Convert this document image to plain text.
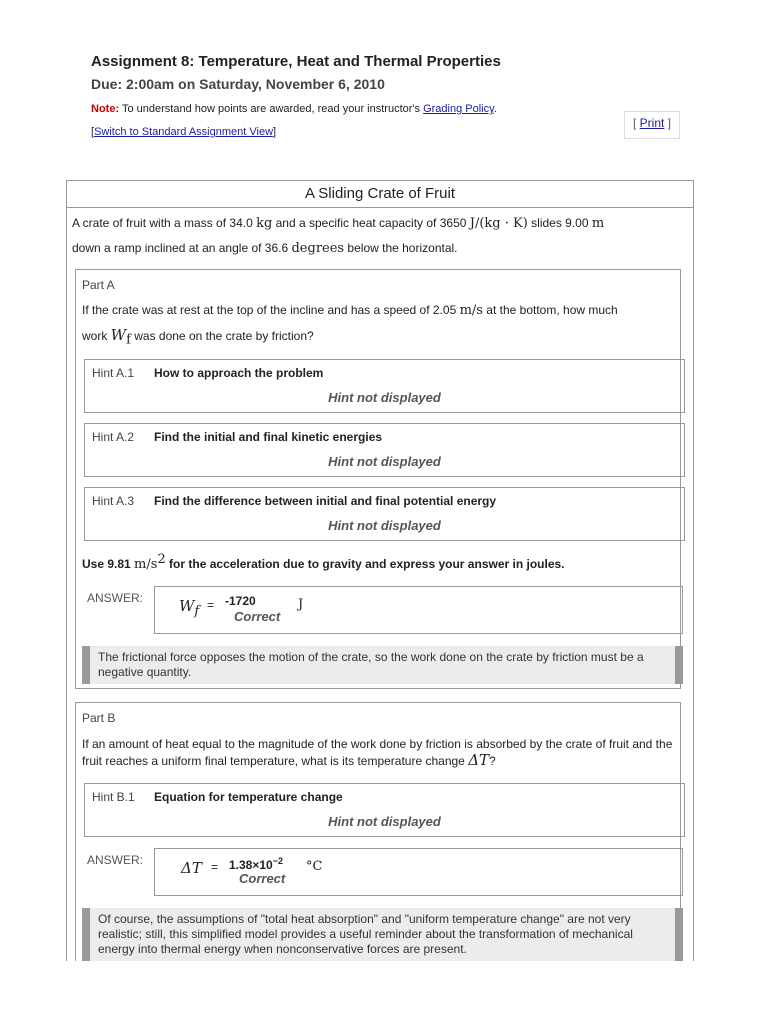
Assignment 8: Temperature, Heat and Thermal Properties
Due: 2:00am on Saturday, November 6, 2010
Note: To understand how points are awarded, read your instructor's Grading Policy.
[Switch to Standard Assignment View]
[ Print ]
A Sliding Crate of Fruit
A crate of fruit with a mass of 34.0 kg and a specific heat capacity of 3650 J/(kg · K) slides 9.00 m
down a ramp inclined at an angle of 36.6 degrees below the horizontal.
Part A
If the crate was at rest at the top of the incline and has a speed of 2.05 m/s at the bottom, how much
work $W_f$ was done on the crate by friction?
Hint A.1 How to approach the problem
Hint not displayed
Hint A.2 Find the initial and final kinetic energies
Hint not displayed
Hint A.3 Find the difference between initial and final potential energy
Hint not displayed
Use 9.81 $m/s^2$ for the acceleration due to gravity and express your answer in joules.
ANSWER: $W_f = -1720$
Correct
J
The frictional force opposes the motion of the crate, so the work done on the crate by friction must be a negative quantity.
Part B
If an amount of heat equal to the magnitude of the work done by friction is absorbed by the crate of fruit and the fruit reaches a uniform final temperature, what is its temperature change ΔT?
Hint B.1 Equation for temperature change
Hint not displayed
ANSWER:	$\Delta T = 1.38\times 10^{-2}$
Correct
°C
Of course, the assumptions of "total heat absorption" and "uniform temperature change" are not very realistic; still, this simplified model provides a useful reminder about the transformation of mechanical energy into thermal energy when nonconservative forces are present.
